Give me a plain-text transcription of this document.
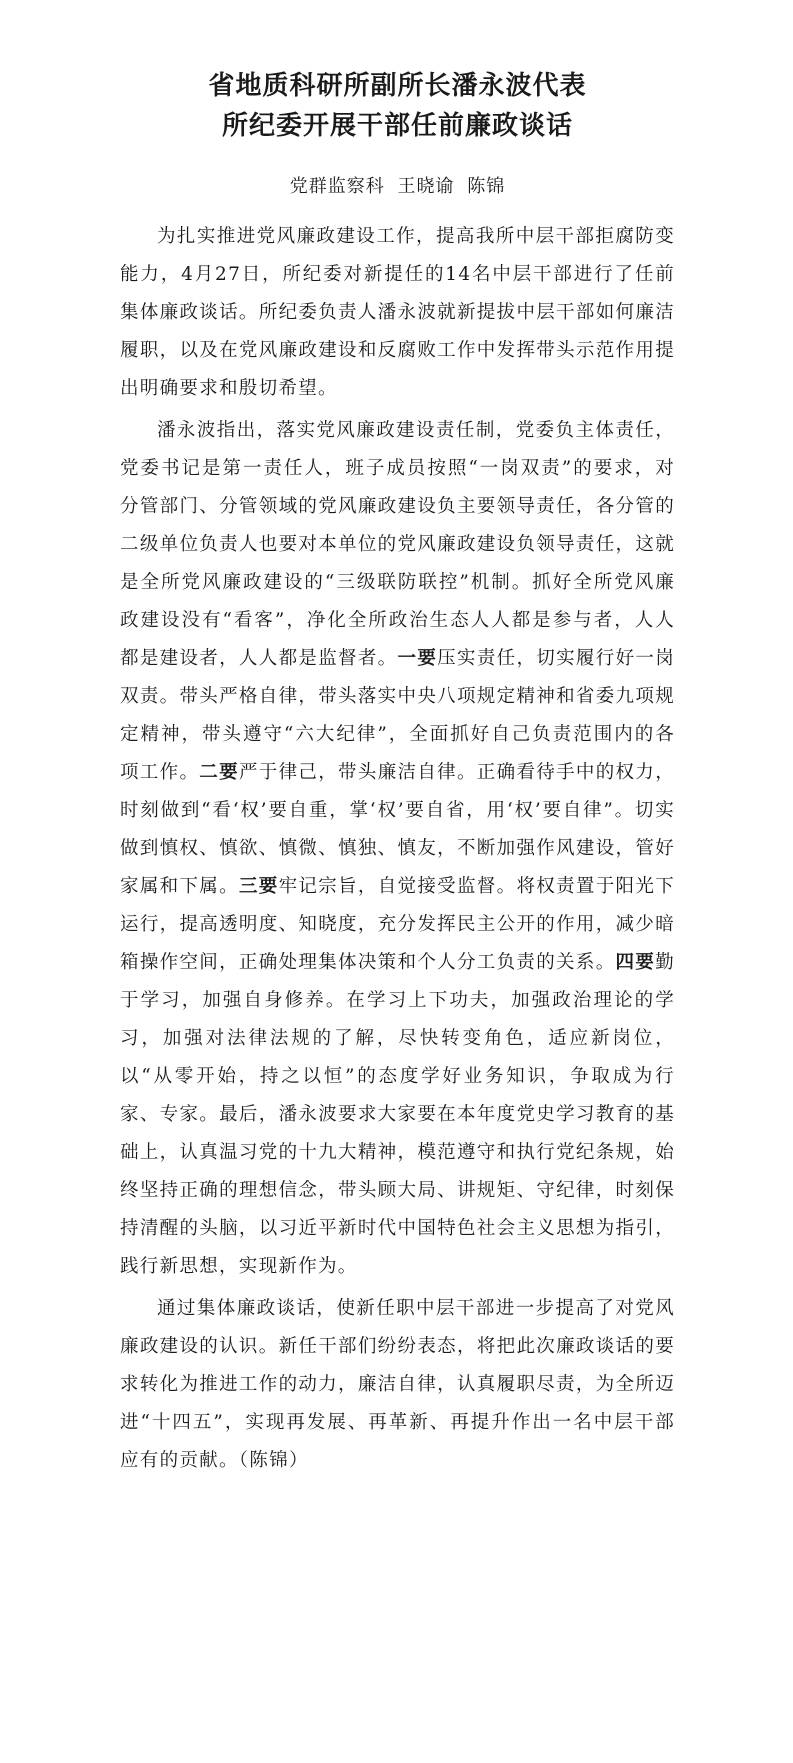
省地质科研所副所长潘永波代表
所纪委开展干部任前廉政谈话
党群监察科 王晓谕 陈锦

为扎实推进党风廉政建设工作，提高我所中层干部拒腐防变能力，4月27日，所纪委对新提任的14名中层干部进行了任前集体廉政谈话。所纪委负责人潘永波就新提拔中层干部如何廉洁履职，以及在党风廉政建设和反腐败工作中发挥带头示范作用提出明确要求和殷切希望。

潘永波指出，落实党风廉政建设责任制，党委负主体责任，党委书记是第一责任人，班子成员按照“一岗双责”的要求，对分管部门、分管领域的党风廉政建设负主要领导责任，各分管的二级单位负责人也要对本单位的党风廉政建设负领导责任，这就是全所党风廉政建设的“三级联防联控”机制。抓好全所党风廉政建设没有“看客”，净化全所政治生态人人都是参与者，人人都是建设者，人人都是监督者。一要压实责任，切实履行好一岗双责。带头严格自律，带头落实中央八项规定精神和省委九项规定精神，带头遵守“六大纪律”，全面抓好自己负责范围内的各项工作。二要严于律己，带头廉洁自律。正确看待手中的权力，时刻做到“看‘权’要自重，掌‘权’要自省，用‘权’要自律”。切实做到慎权、慎欲、慎微、慎独、慎友，不断加强作风建设，管好家属和下属。三要牢记宗旨，自觉接受监督。将权责置于阳光下运行，提高透明度、知晓度，充分发挥民主公开的作用，减少暗箱操作空间，正确处理集体决策和个人分工负责的关系。四要勤于学习，加强自身修养。在学习上下功夫，加强政治理论的学习，加强对法律法规的了解，尽快转变角色，适应新岗位，以“从零开始，持之以恒”的态度学好业务知识，争取成为行家、专家。最后，潘永波要求大家要在本年度党史学习教育的基础上，认真温习党的十九大精神，模范遵守和执行党纪条规，始终坚持正确的理想信念，带头顾大局、讲规矩、守纪律，时刻保持清醒的头脑，以习近平新时代中国特色社会主义思想为指引，践行新思想，实现新作为。

通过集体廉政谈话，使新任职中层干部进一步提高了对党风廉政建设的认识。新任干部们纷纷表态，将把此次廉政谈话的要求转化为推进工作的动力，廉洁自律，认真履职尽责，为全所迈进“十四五”，实现再发展、再革新、再提升作出一名中层干部应有的贡献。（陈锦）
